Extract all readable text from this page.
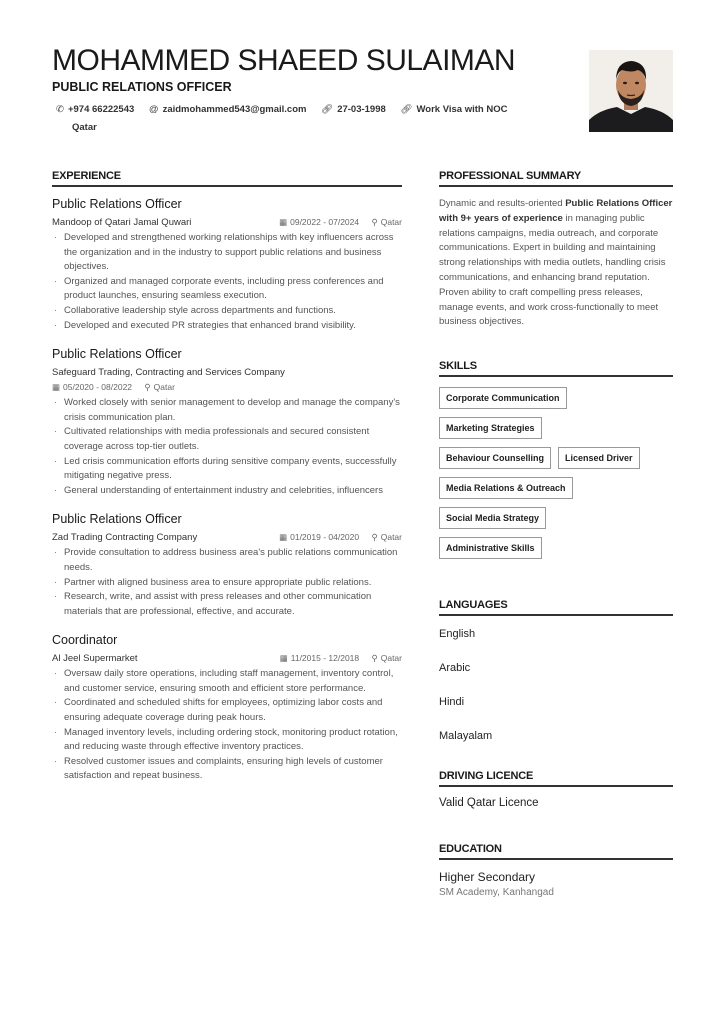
MOHAMMED SHAEED SULAIMAN
PUBLIC RELATIONS OFFICER
✆ +974 66222543 @ zaidmohammed543@gmail.com 🔗︎ 27-03-1998 🔗︎ Work Visa with NOC
Qatar
EXPERIENCE
Public Relations Officer
Mandoop of Qatari Jamal Quwari	▦ 09/2022 - 07/2024 ⚲ Qatar
· Developed and strengthened working relationships with key influencers across the organization and in the industry to support public relations and business objectives.
· Organized and managed corporate events, including press conferences and product launches, ensuring seamless execution.
· Collaborative leadership style across departments and functions.
· Developed and executed PR strategies that enhanced brand visibility.
Public Relations Officer
Safeguard Trading, Contracting and Services Company
▦ 05/2020 - 08/2022 ⚲ Qatar
· Worked closely with senior management to develop and manage the company's crisis communication plan.
· Cultivated relationships with media professionals and secured consistent coverage across top-tier outlets.
· Led crisis communication efforts during sensitive company events, successfully mitigating negative press.
· General understanding of entertainment industry and celebrities, influencers
Public Relations Officer
Zad Trading Contracting Company	▦ 01/2019 - 04/2020 ⚲ Qatar
· Provide consultation to address business area's public relations communication needs.
· Partner with aligned business area to ensure appropriate public relations.
· Research, write, and assist with press releases and other communication materials that are professional, effective, and accurate.
Coordinator
Al Jeel Supermarket	▦ 11/2015 - 12/2018 ⚲ Qatar
· Oversaw daily store operations, including staff management, inventory control, and customer service, ensuring smooth and efficient store performance.
· Coordinated and scheduled shifts for employees, optimizing labor costs and ensuring adequate coverage during peak hours.
· Managed inventory levels, including ordering stock, monitoring product rotation, and reducing waste through effective inventory practices.
· Resolved customer issues and complaints, ensuring high levels of customer satisfaction and repeat business.
PROFESSIONAL SUMMARY
Dynamic and results-oriented Public Relations Officer with 9+ years of experience in managing public relations campaigns, media outreach, and corporate communications. Expert in building and maintaining strong relationships with media outlets, handling crisis communications, and enhancing brand reputation. Proven ability to craft compelling press releases, manage events, and work cross-functionally to meet business objectives.
SKILLS
Corporate Communication
Marketing Strategies
Behaviour Counselling	Licensed Driver
Media Relations & Outreach
Social Media Strategy
Administrative Skills
LANGUAGES
English
Arabic
Hindi
Malayalam
DRIVING LICENCE
Valid Qatar Licence
EDUCATION
Higher Secondary
SM Academy, Kanhangad
